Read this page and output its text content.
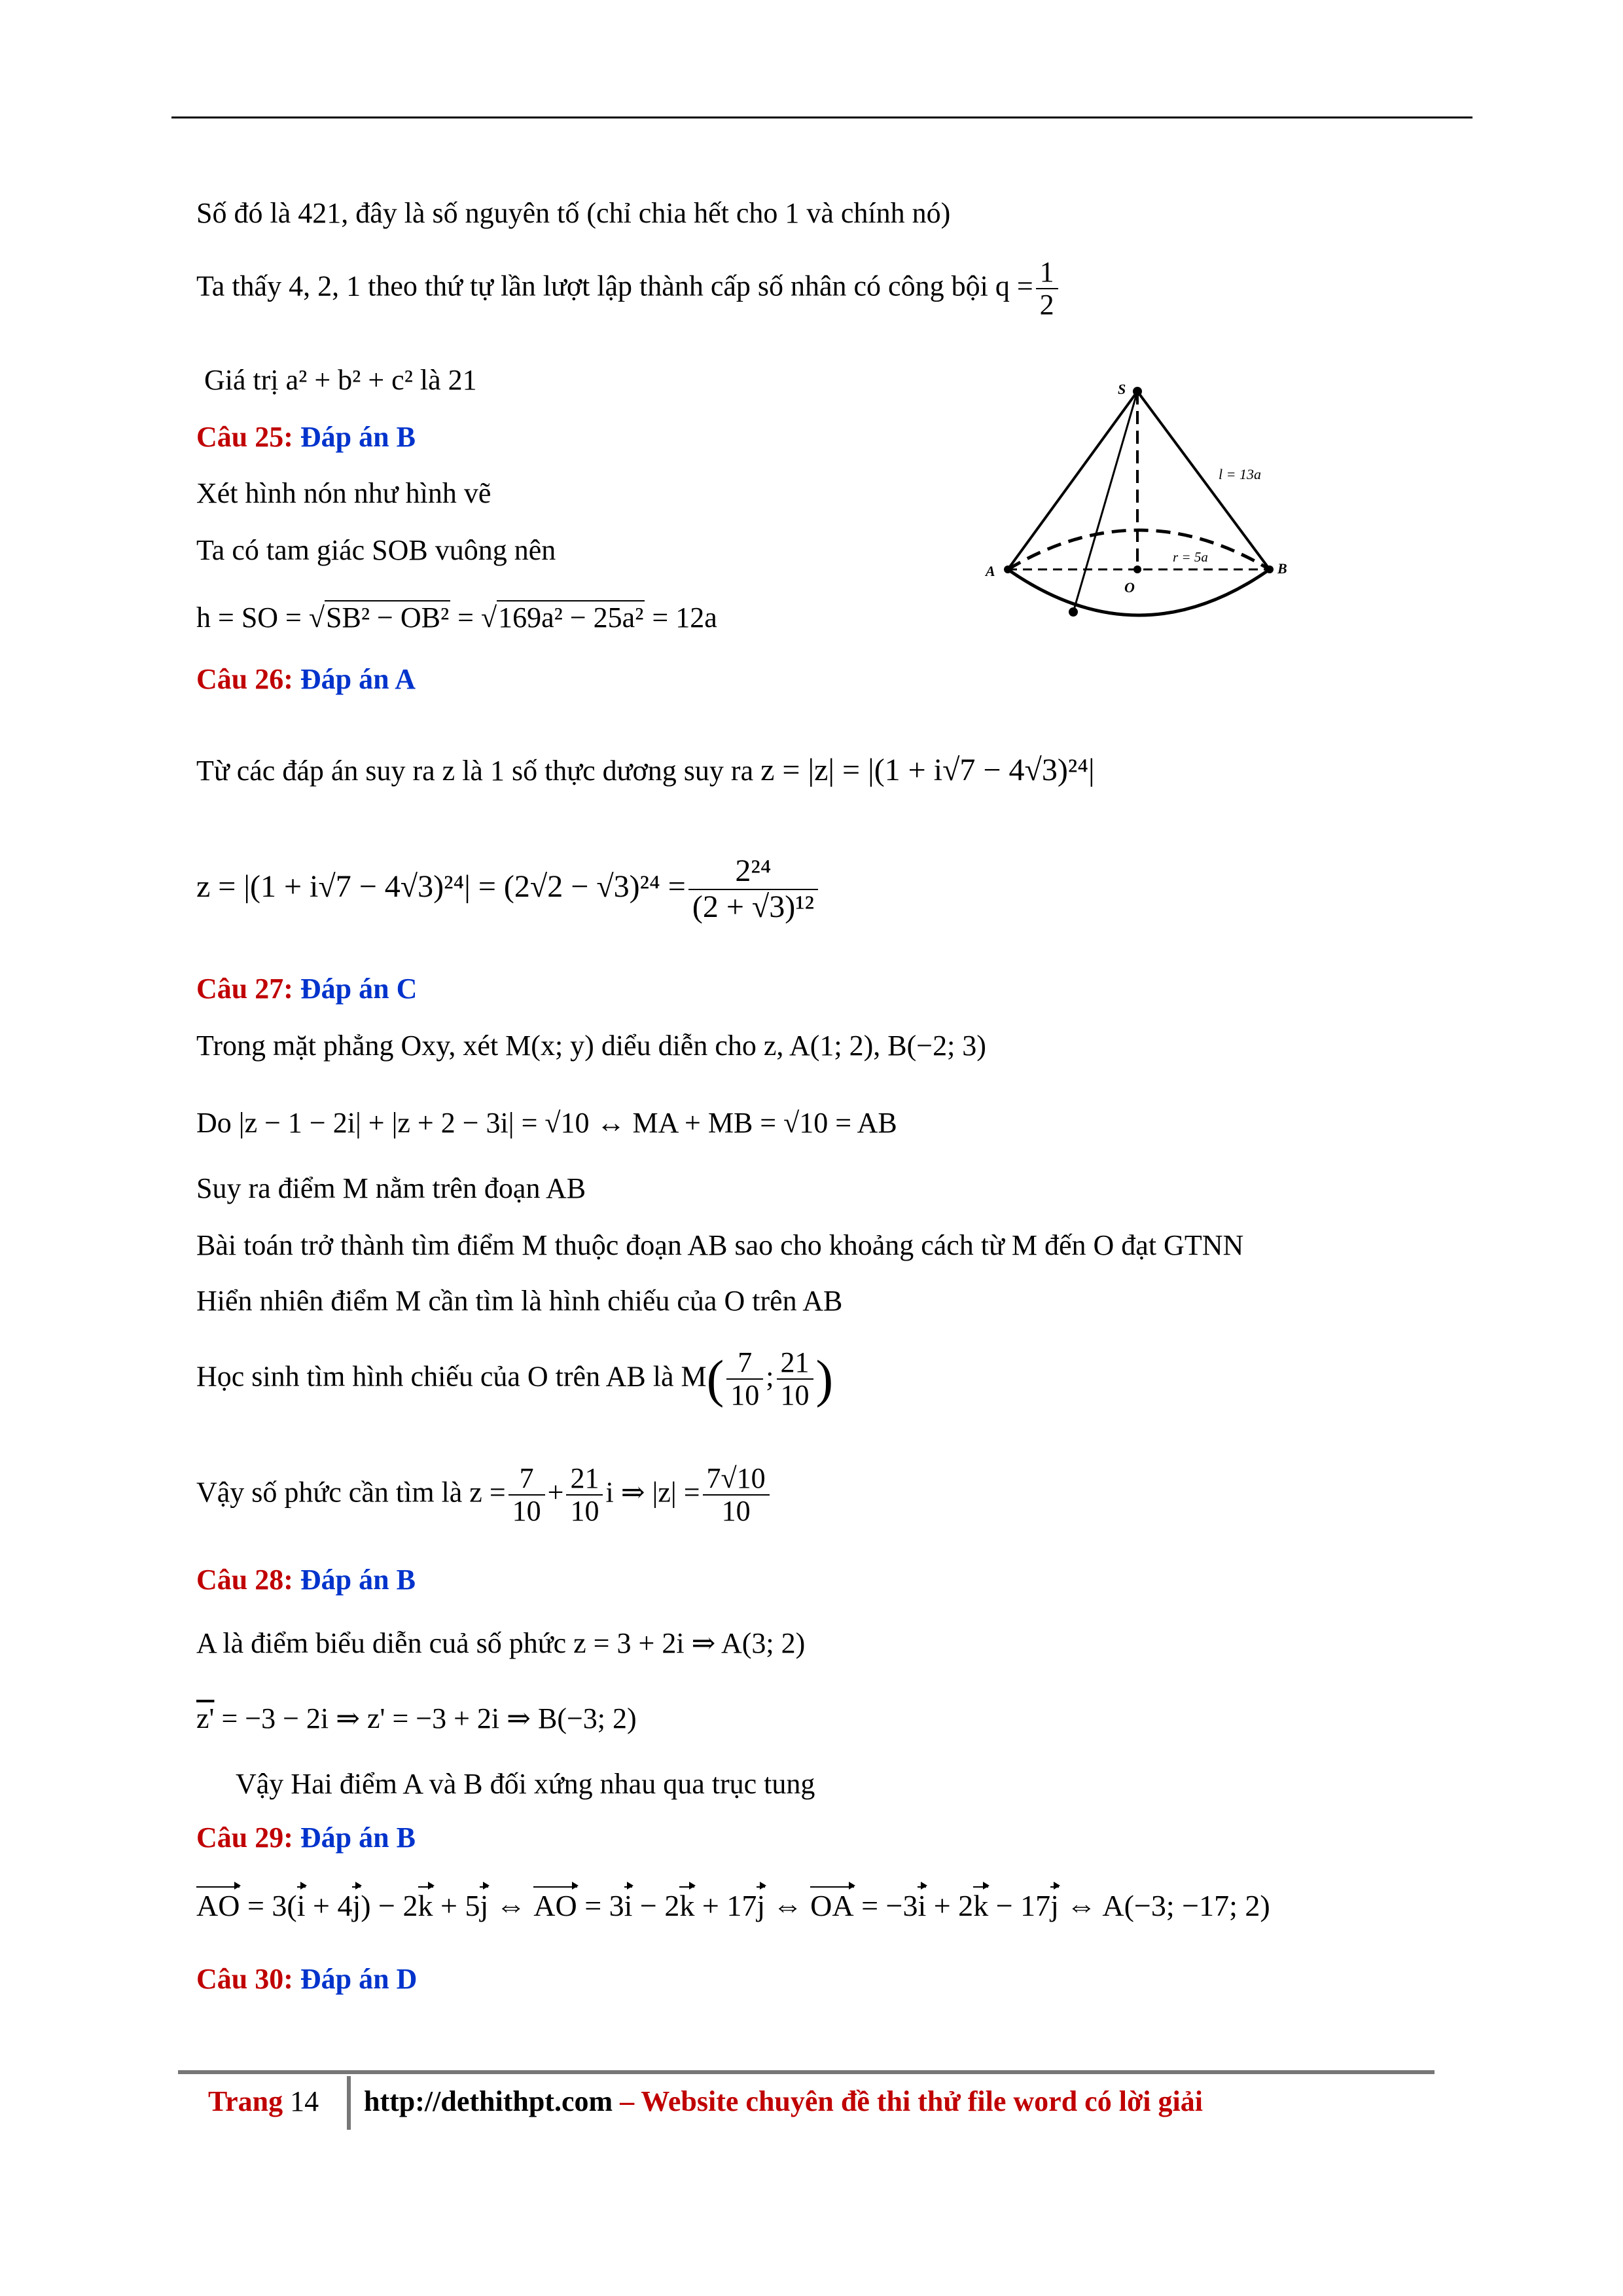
Số đó là 421, đây là số nguyên tố (chỉ chia hết cho 1 và chính nó)
Ta thấy 4, 2, 1 theo thứ tự lần lượt lập thành cấp số nhân có công bội $q = \frac{1}{2}$
Giá trị a² + b² + c² là 21
Câu 25: Đáp án B
Xét hình nón như hình vẽ
Ta có tam giác SOB vuông nên
h = SO = √SB² − OB² = √169a² − 25a² = 12a
S
A	B
O
l = 13a
r = 5a
Câu 26: Đáp án A
Từ các đáp án suy ra z là 1 số thực dương suy ra z = |z| = |(1 + i√7 − 4√3)²⁴|
$z = |(1 + i√7 - 4√3)^{24}| = (2√2 - √3)^{24} = \frac{\text{2²⁴}}{\text{(2 + √3)¹²}}$
Câu 27: Đáp án C
Trong mặt phẳng Oxy, xét M(x; y) diểu diễn cho z, A(1; 2), B(−2; 3)
Do |z − 1 − 2i| + |z + 2 − 3i| = √10 ↔ MA + MB = √10 = AB
Suy ra điểm M nằm trên đoạn AB
Bài toán trở thành tìm điểm M thuộc đoạn AB sao cho khoảng cách từ M đến O đạt GTNN
Hiển nhiên điểm M cần tìm là hình chiếu của O trên AB
Học sinh tìm hình chiếu của O trên AB là $M( \frac{7}{10}$ ; $\frac{21}{10}$ )
Vậy số phức cần tìm là $z = \frac{7}{10} + \frac{21}{10}$ i ⇒ $|z| = \frac{7√10}{10}$
Câu 28: Đáp án B
A là điểm biểu diễn cuả số phức z = 3 + 2i ⇒ A(3; 2)
z' = −3 − 2i ⇒ z' = −3 + 2i ⇒ B(−3; 2)
Vậy Hai điểm A và B đối xứng nhau qua trục tung
Câu 29: Đáp án B
AO = 3(i + 4j) − 2k + 5j ⇔ AO = 3i − 2k + 17j ⇔ OA = −3i + 2k − 17j ⇔ A(−3; −17; 2)
Câu 30: Đáp án D
Trang 14 http://dethithpt.com – Website chuyên đề thi thử file word có lời giải
